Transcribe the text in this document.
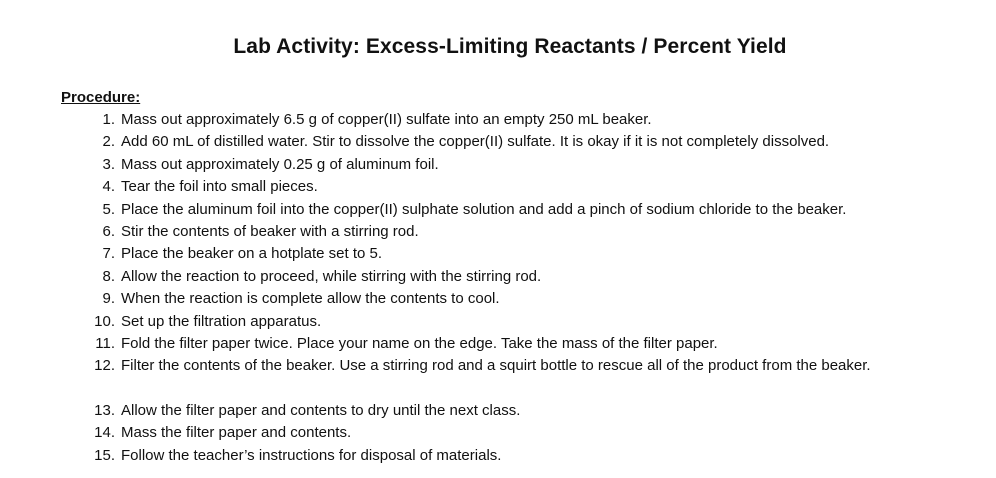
Lab Activity: Excess-Limiting Reactants / Percent Yield
Procedure:
1. Mass out approximately 6.5 g of copper(II) sulfate into an empty 250 mL beaker.
2. Add 60 mL of distilled water. Stir to dissolve the copper(II) sulfate. It is okay if it is not completely dissolved.
3. Mass out approximately 0.25 g of aluminum foil.
4. Tear the foil into small pieces.
5. Place the aluminum foil into the copper(II) sulphate solution and add a pinch of sodium chloride to the beaker.
6. Stir the contents of beaker with a stirring rod.
7. Place the beaker on a hotplate set to 5.
8. Allow the reaction to proceed, while stirring with the stirring rod.
9. When the reaction is complete allow the contents to cool.
10. Set up the filtration apparatus.
11. Fold the filter paper twice. Place your name on the edge. Take the mass of the filter paper.
12. Filter the contents of the beaker. Use a stirring rod and a squirt bottle to rescue all of the product from the beaker.
13. Allow the filter paper and contents to dry until the next class.
14. Mass the filter paper and contents.
15. Follow the teacher’s instructions for disposal of materials.
